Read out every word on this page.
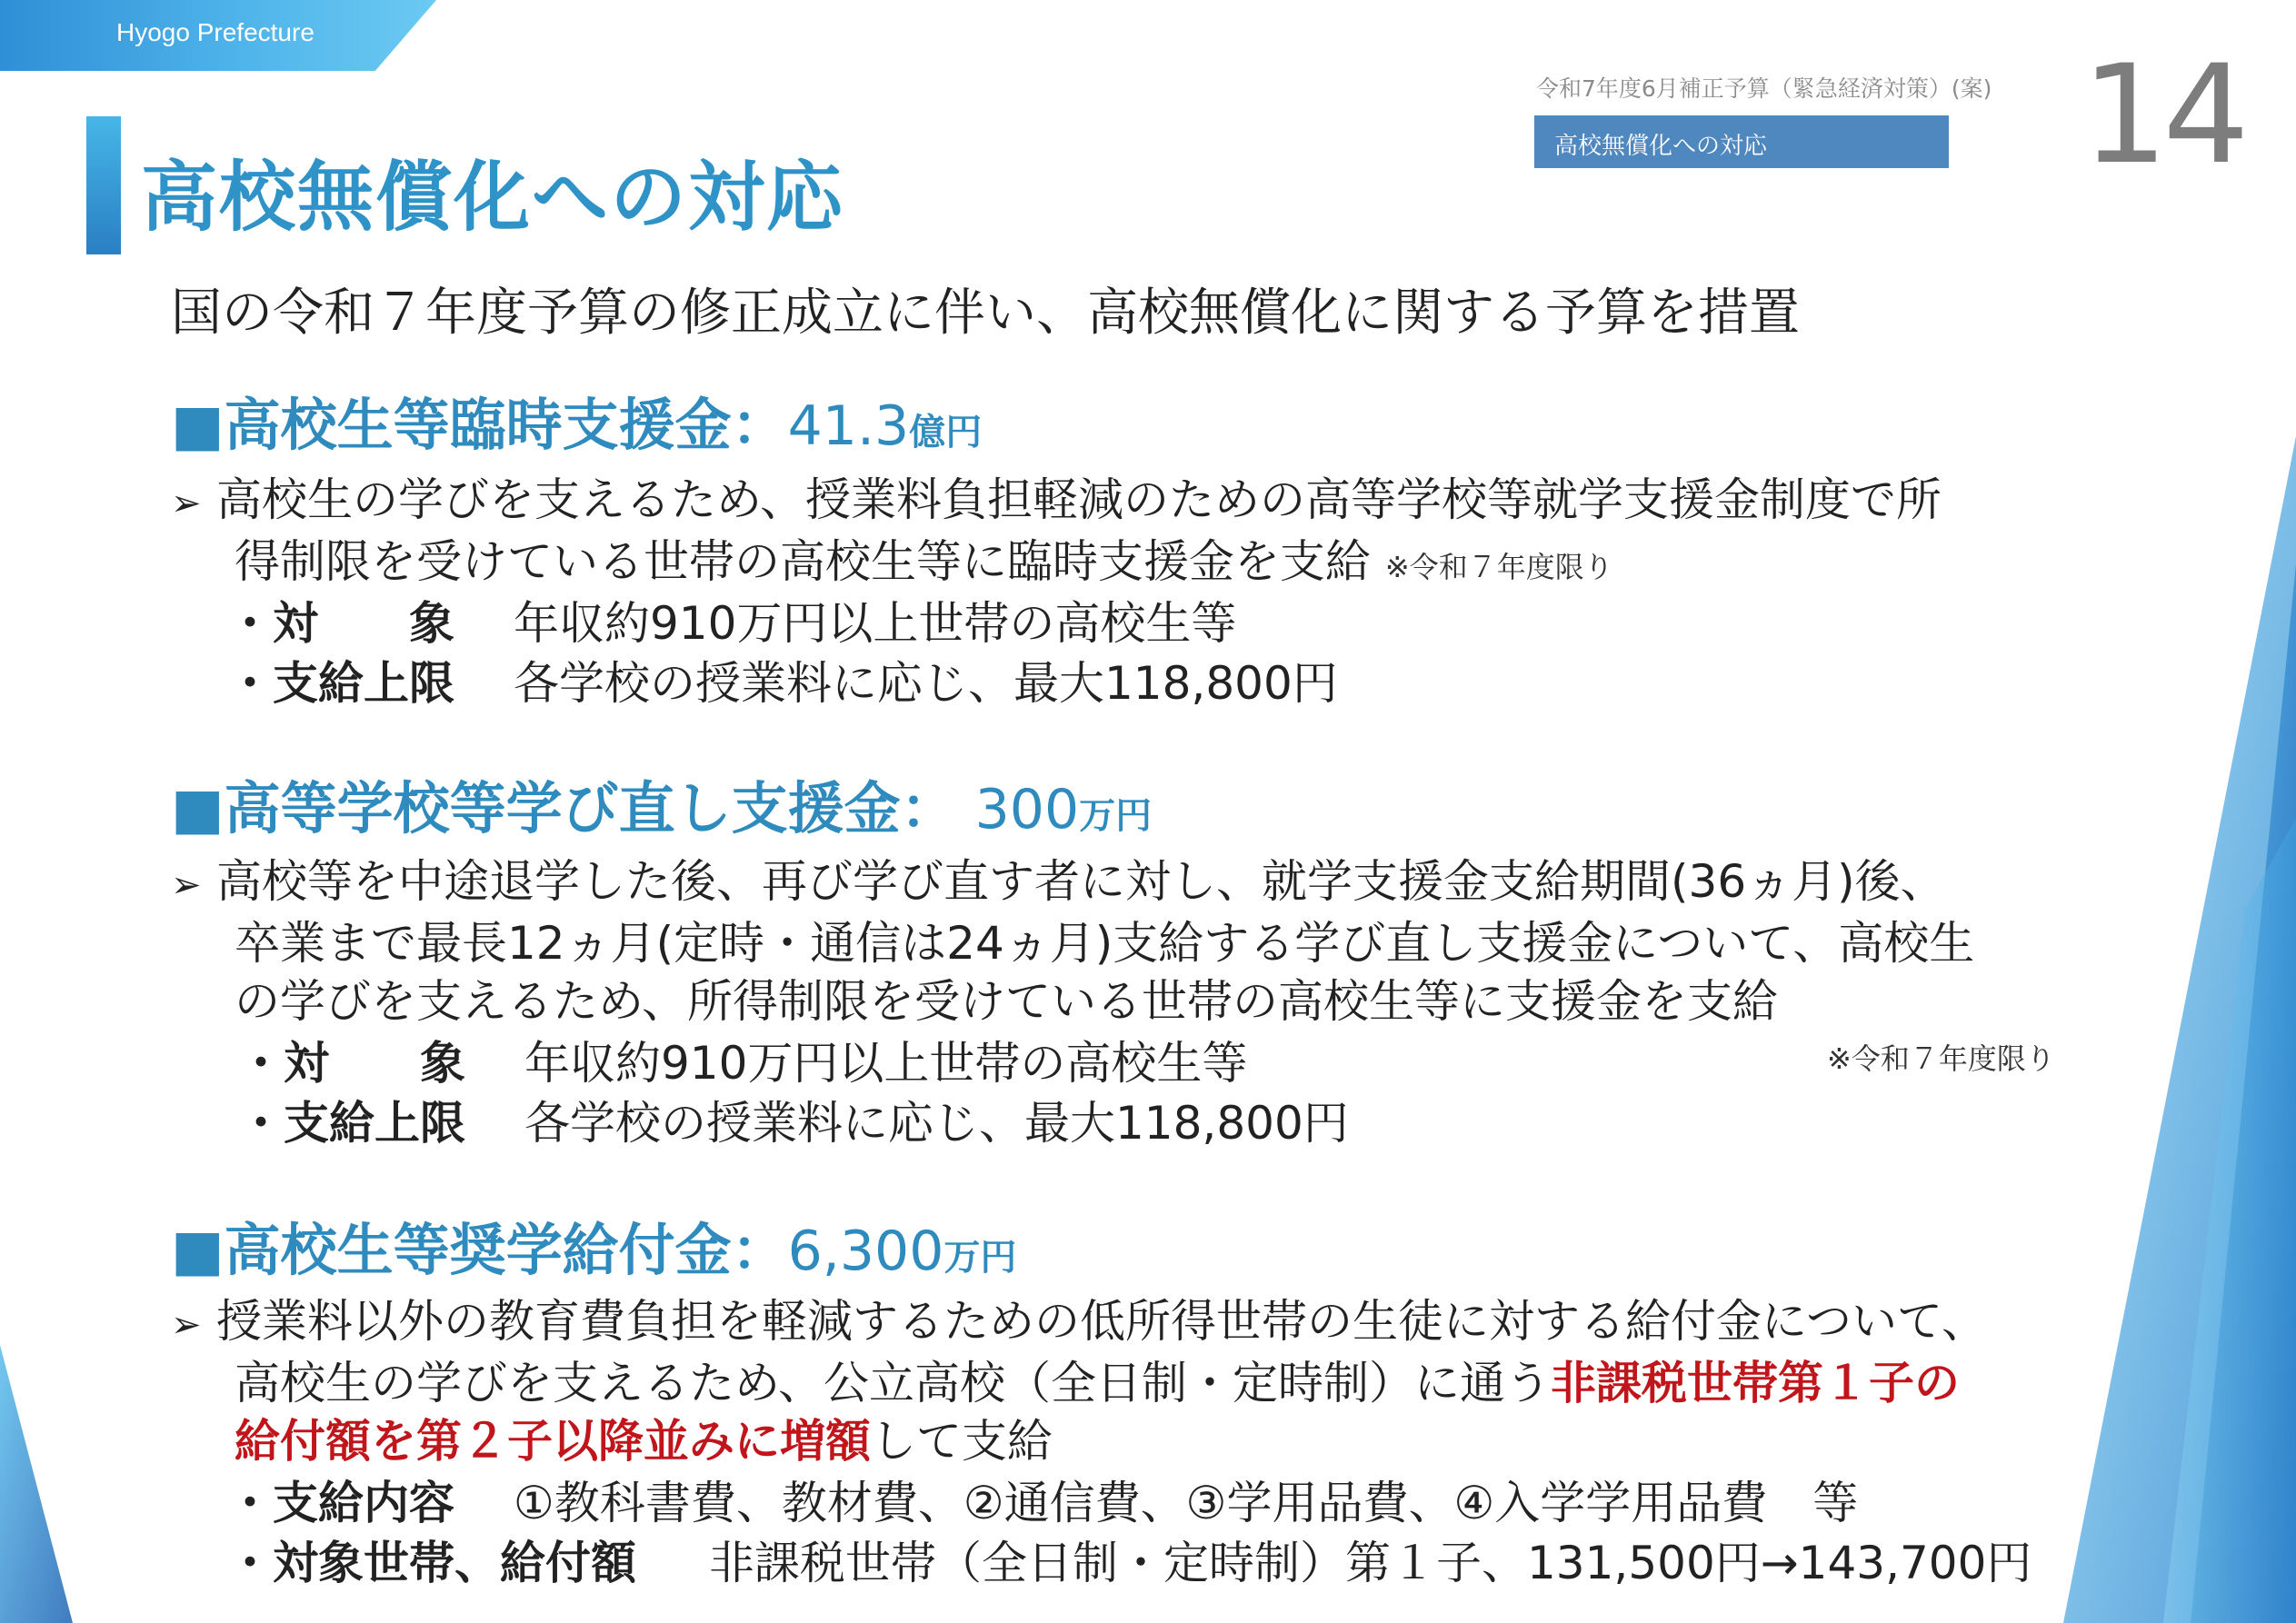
Hyogo Prefecture
高校無償化への対応
令和7年度6月補正予算（緊急経済対策）(案)
高校無償化への対応	14
国の令和７年度予算の修正成立に伴い、高校無償化に関する予算を措置
■高校生等臨時支援金：41.3億円
➢ 高校生の学びを支えるため、授業料負担軽減のための高等学校等就学支援金制度で所
得制限を受けている世帯の高校生等に臨時支援金を支給 ※令和７年度限り
・対　　象 年収約910万円以上世帯の高校生等
・支給上限 各学校の授業料に応じ、最大118,800円
■高等学校等学び直し支援金： 300万円
➢ 高校等を中途退学した後、再び学び直す者に対し、就学支援金支給期間(36ヵ月)後、
卒業まで最長12ヵ月(定時・通信は24ヵ月)支給する学び直し支援金について、高校生
の学びを支えるため、所得制限を受けている世帯の高校生等に支援金を支給
・対　　象 年収約910万円以上世帯の高校生等	※令和７年度限り
・支給上限 各学校の授業料に応じ、最大118,800円
■高校生等奨学給付金：6,300万円
➢ 授業料以外の教育費負担を軽減するための低所得世帯の生徒に対する給付金について、
高校生の学びを支えるため、公立高校（全日制・定時制）に通う非課税世帯第１子の
給付額を第２子以降並みに増額して支給
・支給内容 ①教科書費、教材費、②通信費、③学用品費、④入学学用品費　等
・対象世帯、給付額 非課税世帯（全日制・定時制）第１子、131,500円→143,700円
